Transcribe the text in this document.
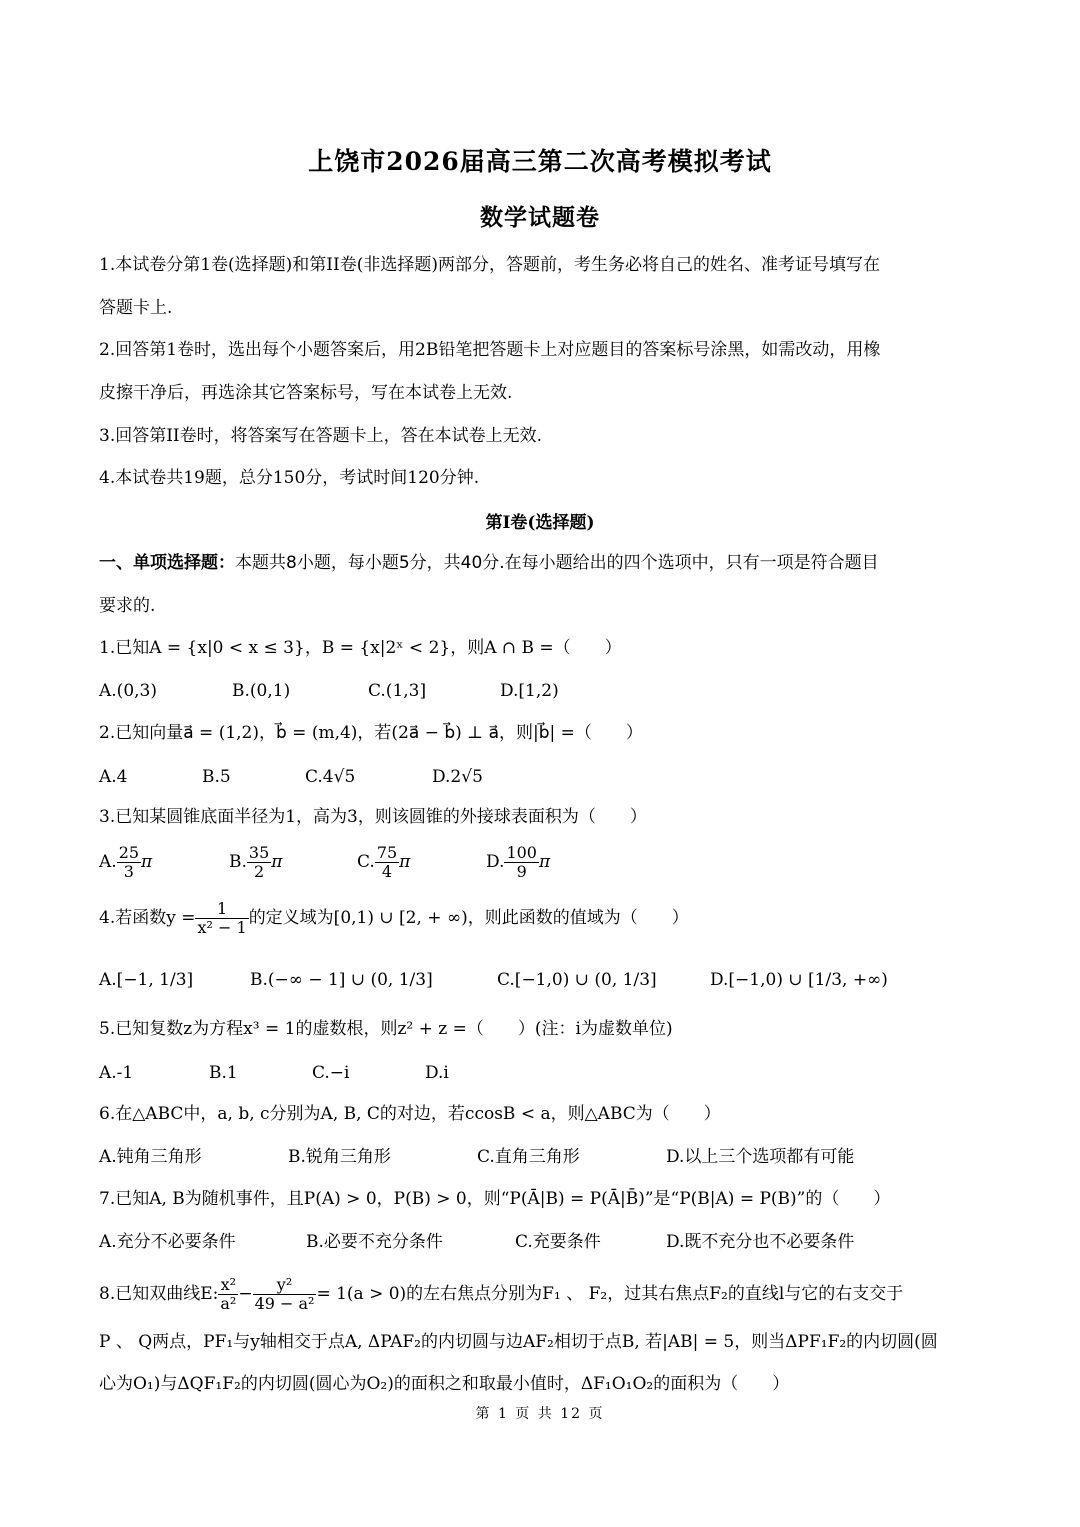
上饶市2026届高三第二次高考模拟考试
数学试题卷
1.本试卷分第1卷(选择题)和第II卷(非选择题)两部分，答题前，考生务必将自己的姓名、准考证号填写在
答题卡上.
2.回答第1卷时，选出每个小题答案后，用2B铅笔把答题卡上对应题目的答案标号涂黑，如需改动，用橡
皮擦干净后，再选涂其它答案标号，写在本试卷上无效.
3.回答第II卷时，将答案写在答题卡上，答在本试卷上无效.
4.本试卷共19题，总分150分，考试时间120分钟.
第I卷(选择题)
一、单项选择题：本题共8小题，每小题5分，共40分.在每小题给出的四个选项中，只有一项是符合题目
要求的.
1.已知A = {x|0 < x ≤ 3}，B = {x|2ˣ < 2}，则A ∩ B =（　　）
A.(0,3)	B.(0,1)	C.(1,3]	D.[1,2)
2.已知向量a⃗ = (1,2)，b⃗ = (m,4)，若(2a⃗ − b⃗) ⊥ a⃗，则|b⃗| =（　　）
A.4	B.5	C.4√5	D.2√5
3.已知某圆锥底面半径为1，高为3，则该圆锥的外接球表面积为（　　）
A. $\frac{25}{3}$ π	B. $\frac{35}{2}$ π	C. $\frac{75}{4}$ π	D. $\frac{100}{9}$ π
4.若函数$y = \frac{1}{\text{x² − 1}}$ 的定义域为[0,1) ∪ [2, + ∞)，则此函数的值域为（　　）
A.[−1, 1/3]	B.(−∞ − 1] ∪ (0, 1/3]	C.[−1,0) ∪ (0, 1/3]	D.[−1,0) ∪ [1/3, +∞)
5.已知复数z为方程x³ = 1的虚数根，则z² + z =（　　）(注：i为虚数单位)
A.-1	B.1	C.−i	D.i
6.在△ABC中，a, b, c分别为A, B, C的对边，若ccosB < a，则△ABC为（　　）
A.钝角三角形	B.锐角三角形	C.直角三角形	D.以上三个选项都有可能
7.已知A, B为随机事件，且P(A) > 0，P(B) > 0，则“P(Ā|B) = P(Ā|B̄)”是“P(B|A) = P(B)”的（　　）
A.充分不必要条件	B.必要不充分条件	C.充要条件	D.既不充分也不必要条件
8.已知双曲线E: $\frac{\text{x²}}{\text{a²}} - \frac{\text{y²}}{\text{49 − a²}} = 1(a > 0)$的左右焦点分别为F₁ 、 F₂，过其右焦点F₂的直线l与它的右支交于
P 、 Q两点，PF₁与y轴相交于点A, ΔPAF₂的内切圆与边AF₂相切于点B, 若|AB| = 5，则当ΔPF₁F₂的内切圆(圆
心为O₁)与ΔQF₁F₂的内切圆(圆心为O₂)的面积之和取最小值时，ΔF₁O₁O₂的面积为（　　）
第 1 页 共 12 页
